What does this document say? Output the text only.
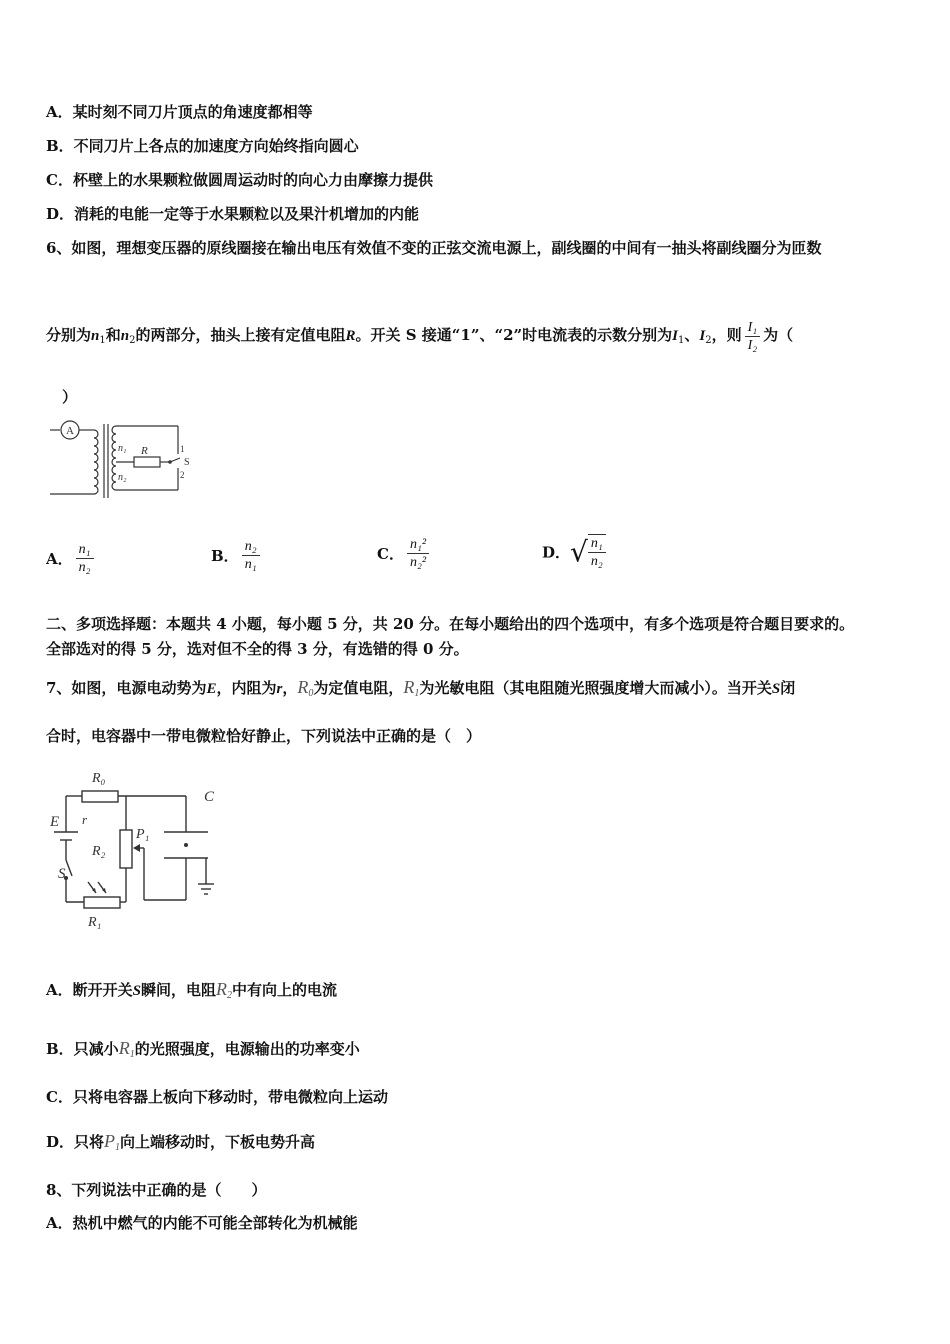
A．某时刻不同刀片顶点的角速度都相等
B．不同刀片上各点的加速度方向始终指向圆心
C．杯壁上的水果颗粒做圆周运动时的向心力由摩擦力提供
D．消耗的电能一定等于水果颗粒以及果汁机增加的内能
6、如图，理想变压器的原线圈接在输出电压有效值不变的正弦交流电源上，副线圈的中间有一抽头将副线圈分为匝数
分别为$n_1$和$n_2$的两部分，抽头上接有定值电阻R。开关 S 接通“1”、“2”时电流表的示数分别为$I_1$、$I_2$，则 $\frac{\text{I₁}}{\text{I₂}}$ 为（
）
A
n₁
n₂
R
S
1
2
A． $\frac{\text{n₁}}{\text{n₂}}$	B． $\frac{\text{n₂}}{\text{n₁}}$	C． $\frac{\text{n₁²}}{\text{n₂²}}$	D．√ $\frac{\text{n₁}}{\text{n₂}}$
二、多项选择题：本题共 4 小题，每小题 5 分，共 20 分。在每小题给出的四个选项中，有多个选项是符合题目要求的。
全部选对的得 5 分，选对但不全的得 3 分，有选错的得 0 分。
7、如图，电源电动势为E，内阻为r，$R_0$为定值电阻，$R_1$为光敏电阻（其电阻随光照强度增大而减小）。当开关S闭
合时，电容器中一带电微粒恰好静止，下列说法中正确的是（　）
R₀
C
E r
P₁
R₂
S
R₁
A．断开开关S瞬间，电阻$R_2$中有向上的电流
B．只减小$R_1$的光照强度，电源输出的功率变小
C．只将电容器上板向下移动时，带电微粒向上运动
D．只将$P_1$向上端移动时，下板电势升高
8、下列说法中正确的是（　　）
A．热机中燃气的内能不可能全部转化为机械能
